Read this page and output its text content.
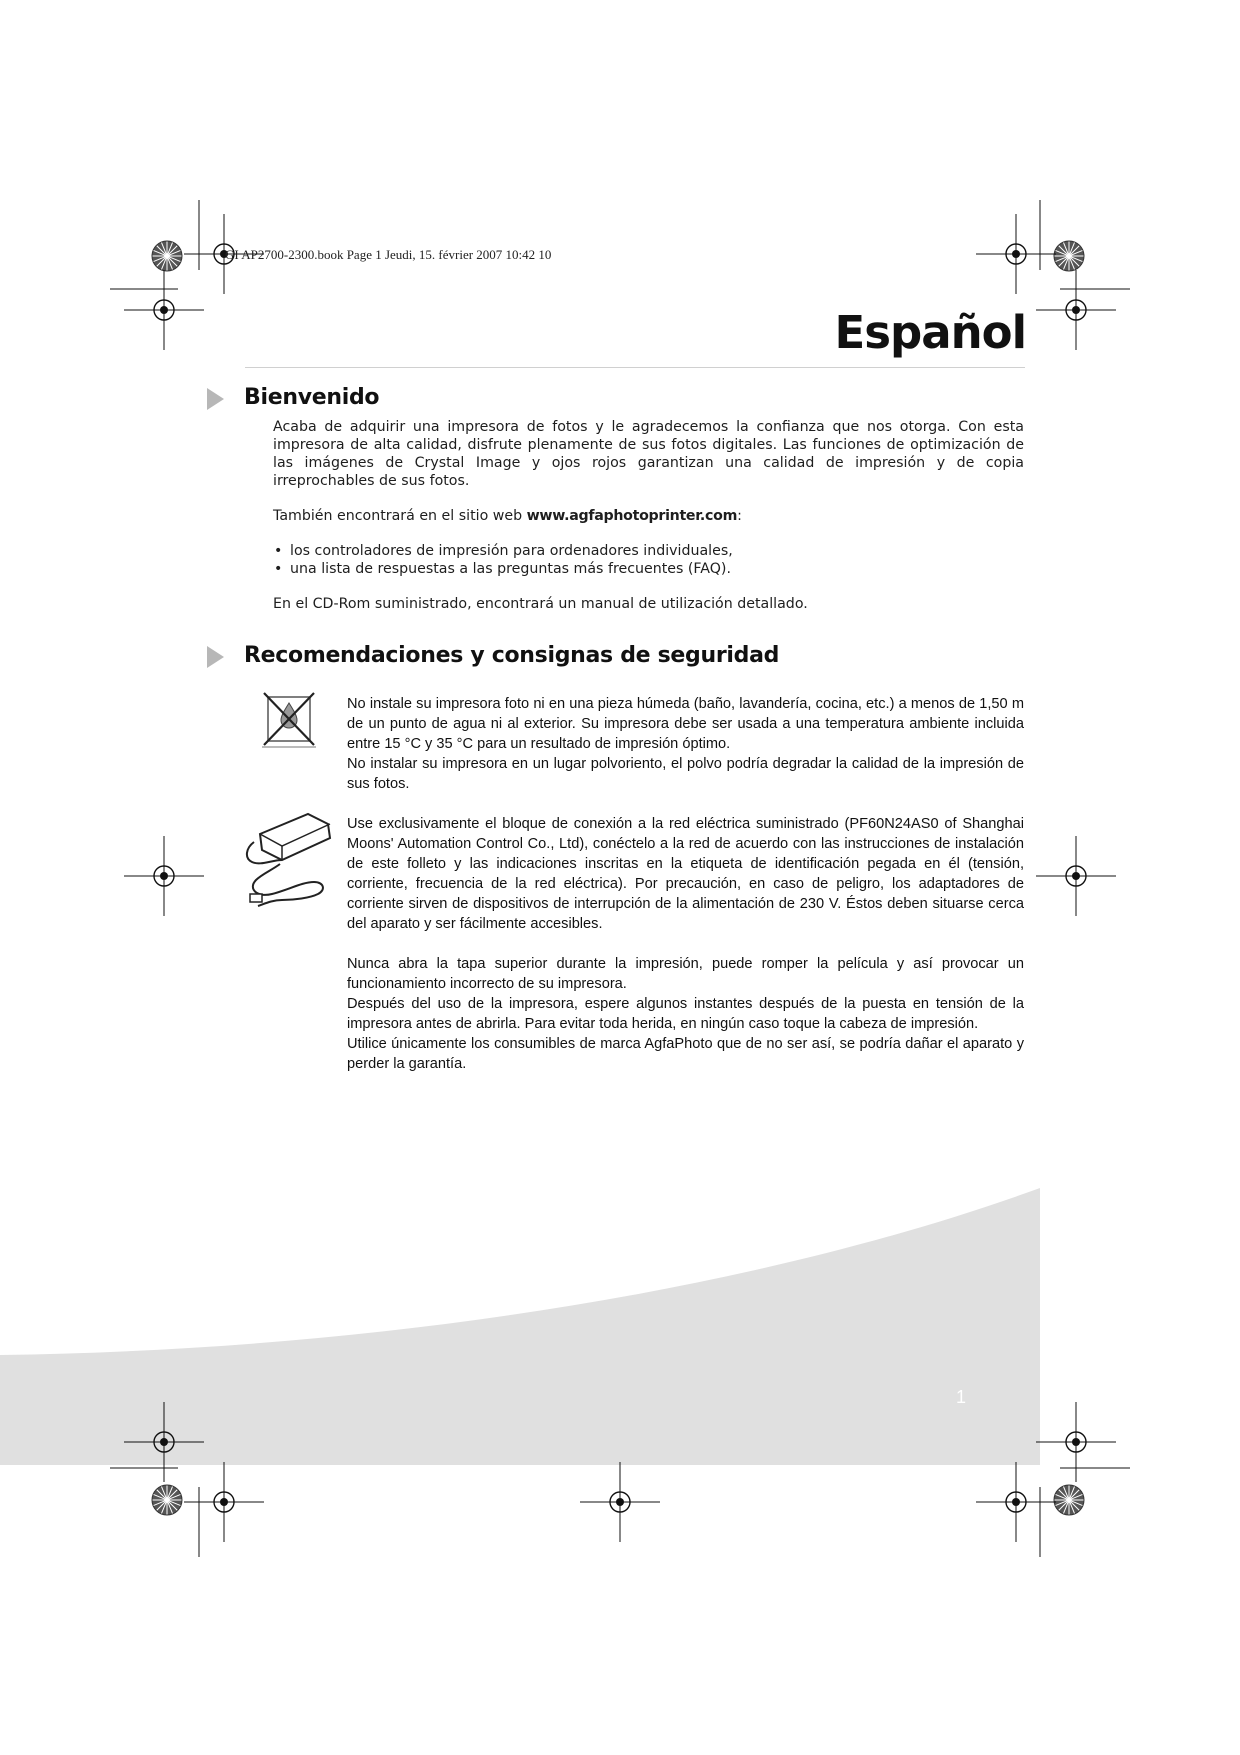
GI AP2700-2300.book Page 1 Jeudi, 15. février 2007 10:42 10
Español
Bienvenido

Acaba de adquirir una impresora de fotos y le agradecemos la confianza que nos otorga. Con esta impresora de alta calidad, disfrute plenamente de sus fotos digitales. Las funciones de optimización de las imágenes de Crystal Image y ojos rojos garantizan una calidad de impresión y de copia irreprochables de sus fotos.

También encontrará en el sitio web www.agfaphotoprinter.com:

• los controladores de impresión para ordenadores individuales,
• una lista de respuestas a las preguntas más frecuentes (FAQ).

En el CD-Rom suministrado, encontrará un manual de utilización detallado.

Recomendaciones y consignas de seguridad

No instale su impresora foto ni en una pieza húmeda (baño, lavandería, cocina, etc.) a menos de 1,50 m de un punto de agua ni al exterior. Su impresora debe ser usada a una temperatura ambiente incluida entre 15 °C y 35 °C para un resultado de impresión óptimo.

No instalar su impresora en un lugar polvoriento, el polvo podría degradar la calidad de la impresión de sus fotos.

Use exclusivamente el bloque de conexión a la red eléctrica suministrado (PF60N24AS0 of Shanghai Moons' Automation Control Co., Ltd), conéctelo a la red de acuerdo con las instrucciones de instalación de este folleto y las indicaciones inscritas en la etiqueta de identificación pegada en él (tensión, corriente, frecuencia de la red eléctrica). Por precaución, en caso de peligro, los adaptadores de corriente sirven de dispositivos de interrupción de la alimentación de 230 V. Éstos deben situarse cerca del aparato y ser fácilmente accesibles.

Nunca abra la tapa superior durante la impresión, puede romper la película y así provocar un funcionamiento incorrecto de su impresora.

Después del uso de la impresora, espere algunos instantes después de la puesta en tensión de la impresora antes de abrirla. Para evitar toda herida, en ningún caso toque la cabeza de impresión.

Utilice únicamente los consumibles de marca AgfaPhoto que de no ser así, se podría dañar el aparato y perder la garantía.

1
